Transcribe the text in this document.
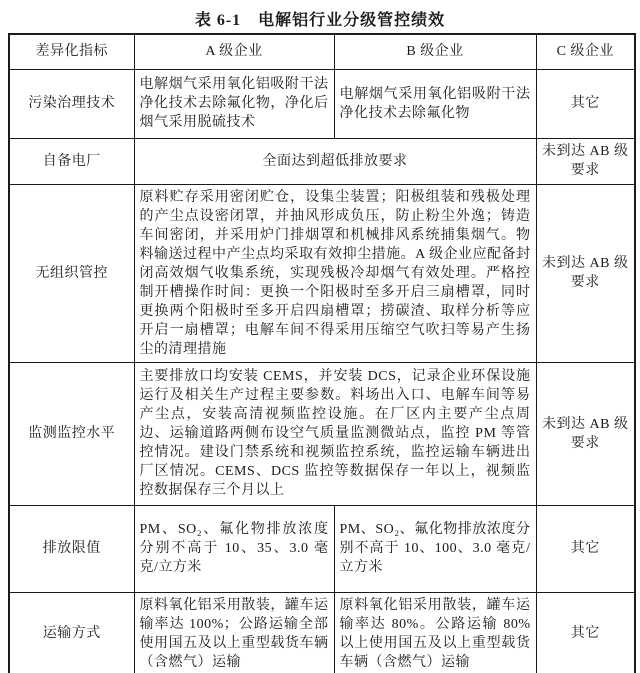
表 6-1　电解铝行业分级管控绩效
差异化指标	A 级企业	B 级企业	C 级企业
污染治理技术	电解烟气采用氧化铝吸附干法净化技术去除氟化物，净化后烟气采用脱硫技术	电解烟气采用氧化铝吸附干法净化技术去除氟化物	其它
自备电厂	全面达到超低排放要求		未到达 AB 级要求
无组织管控	原料贮存采用密闭贮仓，设集尘装置；阳极组装和残极处理的产尘点设密闭罩，并抽风形成负压，防止粉尘外逸；铸造车间密闭，并采用炉门排烟罩和机械排风系统捕集烟气。物料输送过程中产尘点均采取有效抑尘措施。A 级企业应配备封闭高效烟气收集系统，实现残极冷却烟气有效处理。严格控制开槽操作时间：更换一个阳极时至多开启三扇槽罩，同时更换两个阳极时至多开启四扇槽罩；捞碳渣、取样分析等应开启一扇槽罩；电解车间不得采用压缩空气吹扫等易产生扬尘的清理措施		未到达 AB 级要求
监测监控水平	主要排放口均安装 CEMS，并安装 DCS，记录企业环保设施运行及相关生产过程主要参数。料场出入口、电解车间等易产尘点，安装高清视频监控设施。在厂区内主要产尘点周边、运输道路两侧布设空气质量监测微站点，监控 PM 等管控情况。建设门禁系统和视频监控系统，监控运输车辆进出厂区情况。CEMS、DCS 监控等数据保存一年以上，视频监控数据保存三个月以上		未到达 AB 级要求
排放限值	PM、SO₂、氟化物排放浓度分别不高于 10、35、3.0 毫克/立方米	PM、SO₂、氟化物排放浓度分别不高于 10、100、3.0 毫克/立方米	其它
运输方式	原料氧化铝采用散装，罐车运输率达 100%；公路运输全部使用国五及以上重型载货车辆（含燃气）运输	原料氧化铝采用散装，罐车运输率达 80%。公路运输 80%以上使用国五及以上重型载货车辆（含燃气）运输	其它
